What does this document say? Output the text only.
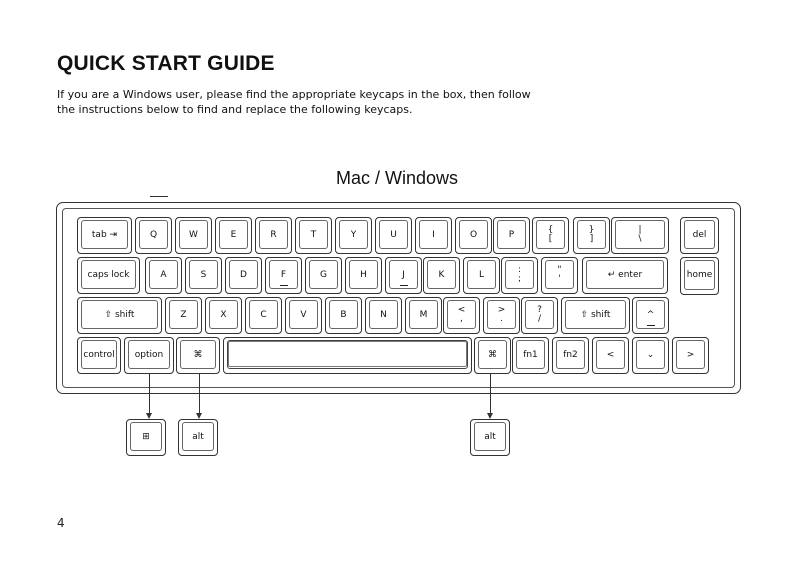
QUICK START GUIDE
If you are a Windows user, please find the appropriate keycaps in the box, then follow
the instructions below to find and replace the following keycaps.
Mac / Windows
tab ⇥	Q	W	E	R	T	Y	U	I	O	P	{
[
}
]
|
\	del
caps lock	A	S	D	F	G	H	J	K	L	:
;
"
'	↵ enter	home
⇧ shift	Z	X	C	V	B	N	M	<
,
>
.
?
/	⇧ shift	^
control	option	⌘	⌘	fn1	fn2	<	⌄	>
⊞	alt	alt
4
